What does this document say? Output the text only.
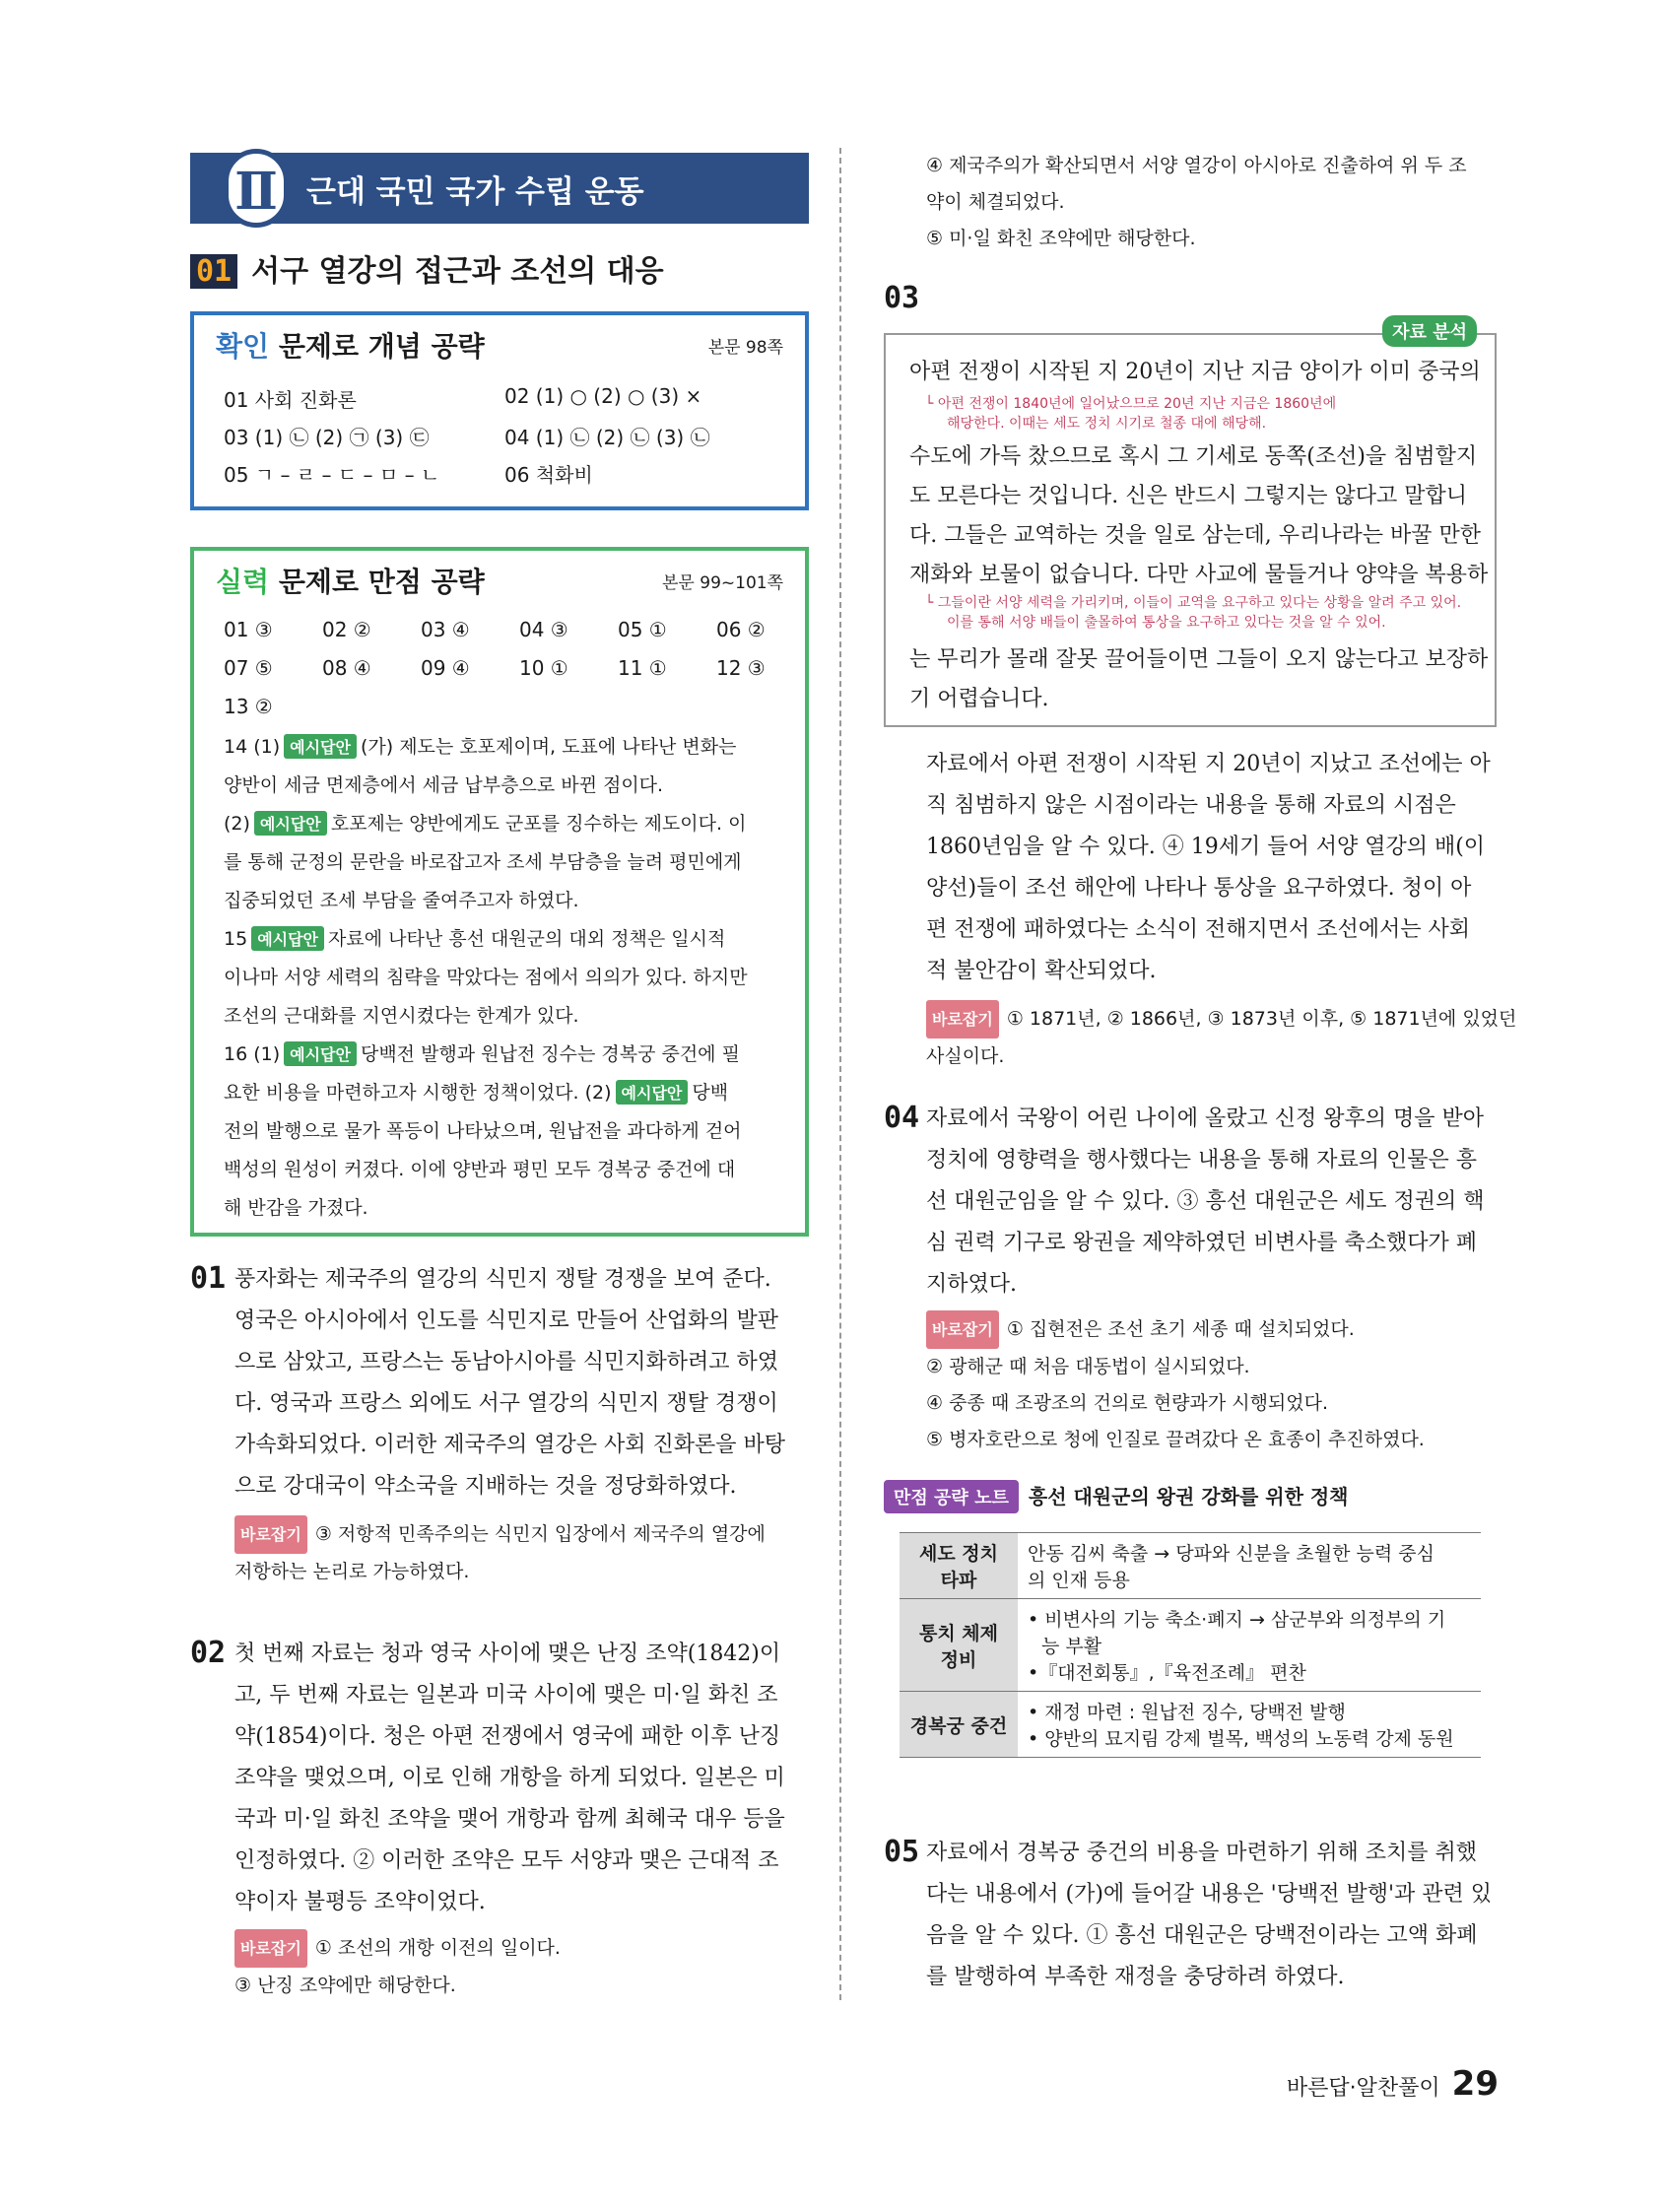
Ⅱ 근대 국민 국가 수립 운동
01 서구 열강의 접근과 조선의 대응
확인 문제로 개념 공략	본문 98쪽
01 사회 진화론	02 (1) ○ (2) ○ (3) ×
03 (1) ㉡ (2) ㉠ (3) ㉢	04 (1) ㉡ (2) ㉡ (3) ㉡
05 ㄱ – ㄹ – ㄷ – ㅁ – ㄴ	06 척화비
실력 문제로 만점 공략	본문 99~101쪽
01 ③	02 ②	03 ④	04 ③	05 ①	06 ②
07 ⑤	08 ④	09 ④	10 ①	11 ①	12 ③
13 ②
14 (1) 예시답안 (가) 제도는 호포제이며, 도표에 나타난 변화는
양반이 세금 면제층에서 세금 납부층으로 바뀐 점이다.
(2) 예시답안 호포제는 양반에게도 군포를 징수하는 제도이다. 이
를 통해 군정의 문란을 바로잡고자 조세 부담층을 늘려 평민에게
집중되었던 조세 부담을 줄여주고자 하였다.
15 예시답안 자료에 나타난 흥선 대원군의 대외 정책은 일시적
이나마 서양 세력의 침략을 막았다는 점에서 의의가 있다. 하지만
조선의 근대화를 지연시켰다는 한계가 있다.
16 (1) 예시답안 당백전 발행과 원납전 징수는 경복궁 중건에 필
요한 비용을 마련하고자 시행한 정책이었다. (2) 예시답안 당백
전의 발행으로 물가 폭등이 나타났으며, 원납전을 과다하게 걷어
백성의 원성이 커졌다. 이에 양반과 평민 모두 경복궁 중건에 대
해 반감을 가졌다.
01 풍자화는 제국주의 열강의 식민지 쟁탈 경쟁을 보여 준다.
영국은 아시아에서 인도를 식민지로 만들어 산업화의 발판
으로 삼았고, 프랑스는 동남아시아를 식민지화하려고 하였
다. 영국과 프랑스 외에도 서구 열강의 식민지 쟁탈 경쟁이
가속화되었다. 이러한 제국주의 열강은 사회 진화론을 바탕
으로 강대국이 약소국을 지배하는 것을 정당화하였다.
바로잡기 ③ 저항적 민족주의는 식민지 입장에서 제국주의 열강에
저항하는 논리로 가능하였다.
02 첫 번째 자료는 청과 영국 사이에 맺은 난징 조약(1842)이
고, 두 번째 자료는 일본과 미국 사이에 맺은 미·일 화친 조
약(1854)이다. 청은 아편 전쟁에서 영국에 패한 이후 난징
조약을 맺었으며, 이로 인해 개항을 하게 되었다. 일본은 미
국과 미·일 화친 조약을 맺어 개항과 함께 최혜국 대우 등을
인정하였다. ② 이러한 조약은 모두 서양과 맺은 근대적 조
약이자 불평등 조약이었다.
바로잡기 ① 조선의 개항 이전의 일이다.
③ 난징 조약에만 해당한다.
④ 제국주의가 확산되면서 서양 열강이 아시아로 진출하여 위 두 조
약이 체결되었다.
⑤ 미·일 화친 조약에만 해당한다.
03
자료 분석
아편 전쟁이 시작된 지 20년이 지난 지금 양이가 이미 중국의
수도에 가득 찼으므로 혹시 그 기세로 동쪽(조선)을 침범할지
도 모른다는 것입니다. 신은 반드시 그렇지는 않다고 말합니
다. 그들은 교역하는 것을 일로 삼는데, 우리나라는 바꿀 만한
재화와 보물이 없습니다. 다만 사교에 물들거나 양약을 복용하
는 무리가 몰래 잘못 끌어들이면 그들이 오지 않는다고 보장하
기 어렵습니다.
└ 아편 전쟁이 1840년에 일어났으므로 20년 지난 지금은 1860년에
해당한다. 이때는 세도 정치 시기로 철종 대에 해당해.
└ 그들이란 서양 세력을 가리키며, 이들이 교역을 요구하고 있다는 상황을 알려 주고 있어.
이를 통해 서양 배들이 출몰하여 통상을 요구하고 있다는 것을 알 수 있어.
자료에서 아편 전쟁이 시작된 지 20년이 지났고 조선에는 아
직 침범하지 않은 시점이라는 내용을 통해 자료의 시점은
1860년임을 알 수 있다. ④ 19세기 들어 서양 열강의 배(이
양선)들이 조선 해안에 나타나 통상을 요구하였다. 청이 아
편 전쟁에 패하였다는 소식이 전해지면서 조선에서는 사회
적 불안감이 확산되었다.
바로잡기 ① 1871년, ② 1866년, ③ 1873년 이후, ⑤ 1871년에 있었던
사실이다.
04 자료에서 국왕이 어린 나이에 올랐고 신정 왕후의 명을 받아
정치에 영향력을 행사했다는 내용을 통해 자료의 인물은 흥
선 대원군임을 알 수 있다. ③ 흥선 대원군은 세도 정권의 핵
심 권력 기구로 왕권을 제약하였던 비변사를 축소했다가 폐
지하였다.
바로잡기 ① 집현전은 조선 초기 세종 때 설치되었다.
② 광해군 때 처음 대동법이 실시되었다.
④ 중종 때 조광조의 건의로 현량과가 시행되었다.
⑤ 병자호란으로 청에 인질로 끌려갔다 온 효종이 추진하였다.
만점 공략 노트 흥선 대원군의 왕권 강화를 위한 정책
세도 정치 타파	안동 김씨 축출 → 당파와 신분을 초월한 능력 중심
의 인재 등용

통치 체제 정비	• 비변사의 기능 축소·폐지 → 삼군부와 의정부의 기
능 부활
•『대전회통』,『육전조례』 편찬

경복궁 중건	• 재정 마련 : 원납전 징수, 당백전 발행
• 양반의 묘지림 강제 벌목, 백성의 노동력 강제 동원
05 자료에서 경복궁 중건의 비용을 마련하기 위해 조치를 취했
다는 내용에서 (가)에 들어갈 내용은 '당백전 발행'과 관련 있
음을 알 수 있다. ① 흥선 대원군은 당백전이라는 고액 화폐
를 발행하여 부족한 재정을 충당하려 하였다.
바른답·알찬풀이 29
